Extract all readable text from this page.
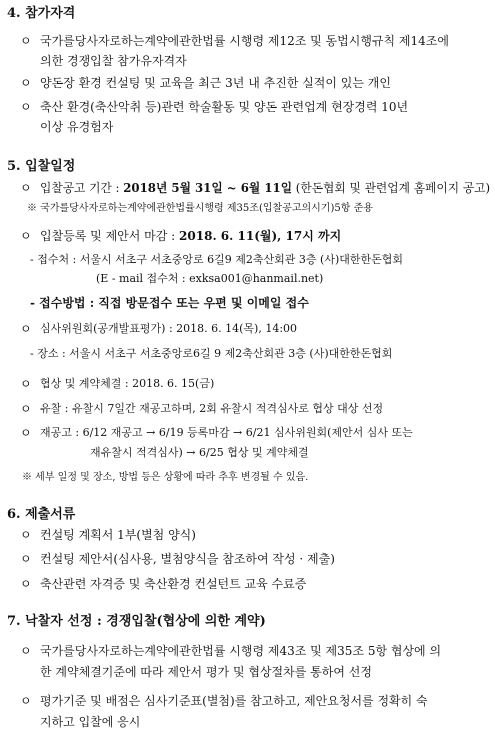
4. 참가자격
ㅇ 국가를당사자로하는계약에관한법률 시행령 제12조 및 동법시행규칙 제14조에
의한 경쟁입찰 참가유자격자
ㅇ 양돈장 환경 컨설팅 및 교육을 최근 3년 내 추진한 실적이 있는 개인
ㅇ 축산 환경(축산악취 등)관련 학술활동 및 양돈 관련업계 현장경력 10년
이상 유경험자
5. 입찰일정
ㅇ 입찰공고 기간 : 2018년 5월 31일 ~ 6월 11일 (한돈협회 및 관련업계 홈페이지 공고)
※ 국가를당사자로하는계약에관한법률시행령 제35조(입찰공고의시기)5항 준용
ㅇ 입찰등록 및 제안서 마감 : 2018. 6. 11(월), 17시 까지
- 접수처 : 서울시 서초구 서초중앙로 6길9 제2축산회관 3층 (사)대한한돈협회
(E - mail 접수처 : exksa001@hanmail.net)
- 접수방법 : 직접 방문접수 또는 우편 및 이메일 접수
ㅇ 심사위원회(공개발표평가) : 2018. 6. 14(목), 14:00
- 장소 : 서울시 서초구 서초중앙로6길 9 제2축산회관 3층 (사)대한한돈협회
ㅇ 협상 및 계약체결 : 2018. 6. 15(금)
ㅇ 유찰 : 유찰시 7일간 재공고하며, 2회 유찰시 적격심사로 협상 대상 선정
ㅇ 재공고 : 6/12 재공고 → 6/19 등록마감 → 6/21 심사위원회(제안서 심사 또는
재유찰시 적격심사) → 6/25 협상 및 계약체결
※ 세부 일정 및 장소, 방법 등은 상황에 따라 추후 변경될 수 있음.
6. 제출서류
ㅇ 컨설팅 계획서 1부(별첨 양식)
ㅇ 컨설팅 제안서(심사용, 별첨양식을 참조하여 작성 · 제출)
ㅇ 축산관련 자격증 및 축산환경 컨설턴트 교육 수료증
7. 낙찰자 선정 : 경쟁입찰(협상에 의한 계약)
ㅇ 국가를당사자로하는계약에관한법률 시행령 제43조 및 제35조 5항 협상에 의
한 계약체결기준에 따라 제안서 평가 및 협상절차를 통하여 선정
ㅇ 평가기준 및 배점은 심사기준표(별첨)를 참고하고, 제안요청서를 정확히 숙
지하고 입찰에 응시
